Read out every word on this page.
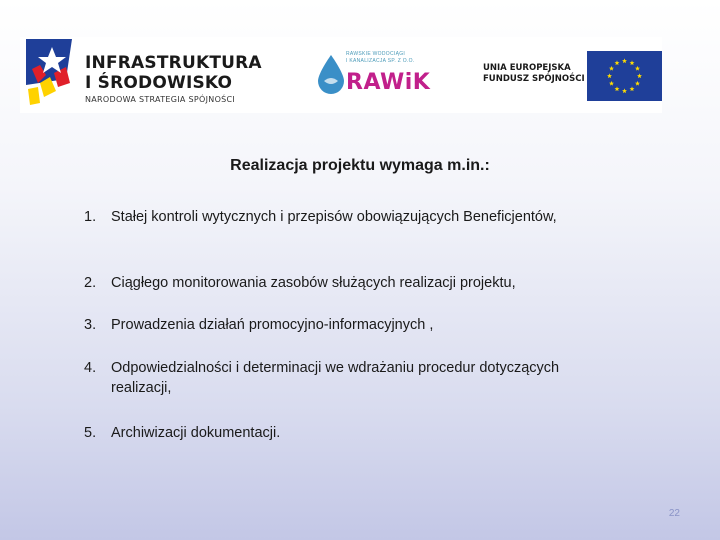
INFRASTRUKTURA
I ŚRODOWISKO
NARODOWA STRATEGIA SPÓJNOŚCI
RAWSKIE WODOCIĄGI
I KANALIZACJA SP. Z O.O.
RAWiK
UNIA EUROPEJSKA
FUNDUSZ SPÓJNOŚCI
Realizacja projektu wymaga m.in.:
1. Stałej kontroli wytycznych i przepisów obowiązujących Beneficjentów,
2. Ciągłego monitorowania zasobów służących realizacji projektu,
3. Prowadzenia działań promocyjno-informacyjnych ,
4. Odpowiedzialności i determinacji we wdrażaniu procedur dotyczących realizacji,
5. Archiwizacji dokumentacji.
22
